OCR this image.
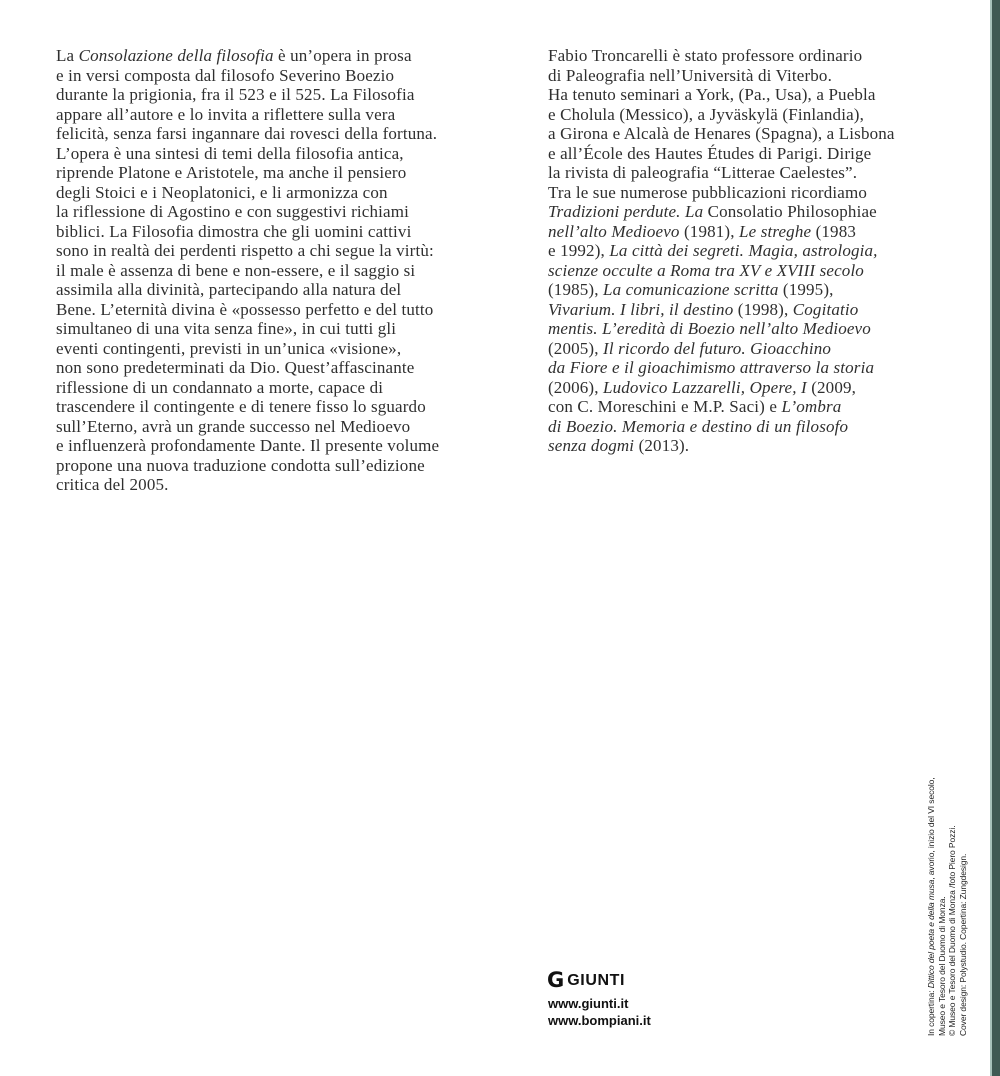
La Consolazione della filosofia è un’opera in prosa
e in versi composta dal filosofo Severino Boezio
durante la prigionia, fra il 523 e il 525. La Filosofia
appare all’autore e lo invita a riflettere sulla vera
felicità, senza farsi ingannare dai rovesci della fortuna.
L’opera è una sintesi di temi della filosofia antica,
riprende Platone e Aristotele, ma anche il pensiero
degli Stoici e i Neoplatonici, e li armonizza con
la riflessione di Agostino e con suggestivi richiami
biblici. La Filosofia dimostra che gli uomini cattivi
sono in realtà dei perdenti rispetto a chi segue la virtù:
il male è assenza di bene e non-essere, e il saggio si
assimila alla divinità, partecipando alla natura del
Bene. L’eternità divina è «possesso perfetto e del tutto
simultaneo di una vita senza fine», in cui tutti gli
eventi contingenti, previsti in un’unica «visione»,
non sono predeterminati da Dio. Quest’affascinante
riflessione di un condannato a morte, capace di
trascendere il contingente e di tenere fisso lo sguardo
sull’Eterno, avrà un grande successo nel Medioevo
e influenzerà profondamente Dante. Il presente volume
propone una nuova traduzione condotta sull’edizione
critica del 2005.
Fabio Troncarelli è stato professore ordinario
di Paleografia nell’Università di Viterbo.
Ha tenuto seminari a York, (Pa., Usa), a Puebla
e Cholula (Messico), a Jyväskylä (Finlandia),
a Girona e Alcalà de Henares (Spagna), a Lisbona
e all’École des Hautes Études di Parigi. Dirige
la rivista di paleografia “Litterae Caelestes”.
Tra le sue numerose pubblicazioni ricordiamo
Tradizioni perdute. La Consolatio Philosophiae
nell’alto Medioevo (1981), Le streghe (1983
e 1992), La città dei segreti. Magia, astrologia,
scienze occulte a Roma tra XV e XVIII secolo
(1985), La comunicazione scritta (1995),
Vivarium. I libri, il destino (1998), Cogitatio
mentis. L’eredità di Boezio nell’alto Medioevo
(2005), Il ricordo del futuro. Gioacchino
da Fiore e il gioachimismo attraverso la storia
(2006), Ludovico Lazzarelli, Opere, I (2009,
con C. Moreschini e M.P. Saci) e L’ombra
di Boezio. Memoria e destino di un filosofo
senza dogmi (2013).
In copertina: Dittico del poeta e della musa, avorio, inizio del VI secolo,
Museo e Tesoro del Duomo di Monza. © Museo e Tesoro del Duomo di Monza /foto Piero Pozzi. Cover design: Polystudio. Copertina: Zungdesign.
G GIUNTI
www.giunti.it
www.bompiani.it
